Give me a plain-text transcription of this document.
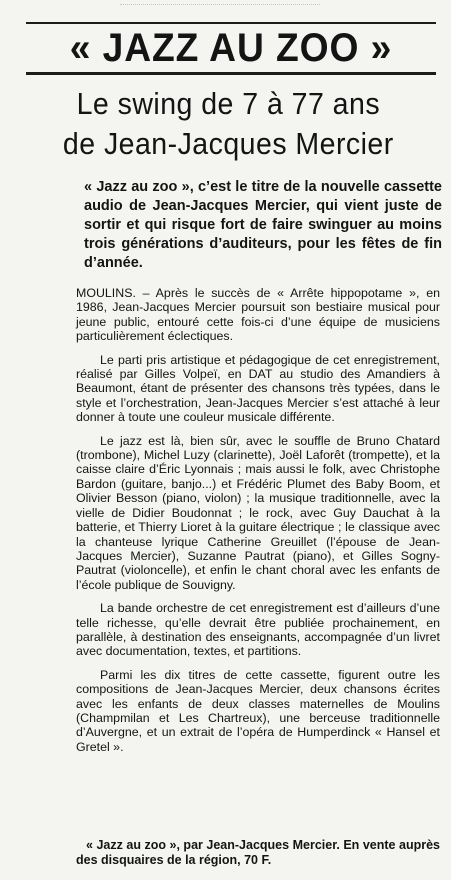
« JAZZ AU ZOO »
Le swing de 7 à 77 ans
de Jean-Jacques Mercier
« Jazz au zoo », c’est le titre de la nouvelle cassette audio de Jean-Jacques Mercier, qui vient juste de sortir et qui risque fort de faire swinguer au moins trois générations d’auditeurs, pour les fêtes de fin d’année.

MOULINS. – Après le succès de « Arrête hippopotame », en 1986, Jean-Jacques Mercier poursuit son bestiaire musical pour jeune public, entouré cette fois-ci d’une équipe de musiciens particulièrement éclectiques.

Le parti pris artistique et pédagogique de cet enregistrement, réalisé par Gilles Volpeï, en DAT au studio des Amandiers à Beaumont, étant de présenter des chansons très typées, dans le style et l’orchestration, Jean-Jacques Mercier s’est attaché à leur donner à toute une couleur musicale différente.

Le jazz est là, bien sûr, avec le souffle de Bruno Chatard (trombone), Michel Luzy (clarinette), Joël Laforêt (trompette), et la caisse claire d’Éric Lyonnais ; mais aussi le folk, avec Christophe Bardon (guitare, banjo...) et Frédéric Plumet des Baby Boom, et Olivier Besson (piano, violon) ; la musique traditionnelle, avec la vielle de Didier Boudonnat ; le rock, avec Guy Dauchat à la batterie, et Thierry Lioret à la guitare électrique ; le classique avec la chanteuse lyrique Catherine Greuillet (l’épouse de Jean-Jacques Mercier), Suzanne Pautrat (piano), et Gilles Sogny-Pautrat (violoncelle), et enfin le chant choral avec les enfants de l’école publique de Souvigny.

La bande orchestre de cet enregistrement est d’ailleurs d’une telle richesse, qu’elle devrait être publiée prochainement, en parallèle, à destination des enseignants, accompagnée d’un livret avec documentation, textes, et partitions.

Parmi les dix titres de cette cassette, figurent outre les compositions de Jean-Jacques Mercier, deux chansons écrites avec les enfants de deux classes maternelles de Moulins (Champmilan et Les Chartreux), une berceuse traditionnelle d’Auvergne, et un extrait de l’opéra de Humperdinck « Hansel et Gretel ».

« Jazz au zoo », par Jean-Jacques Mercier. En vente auprès des disquaires de la région, 70 F.
